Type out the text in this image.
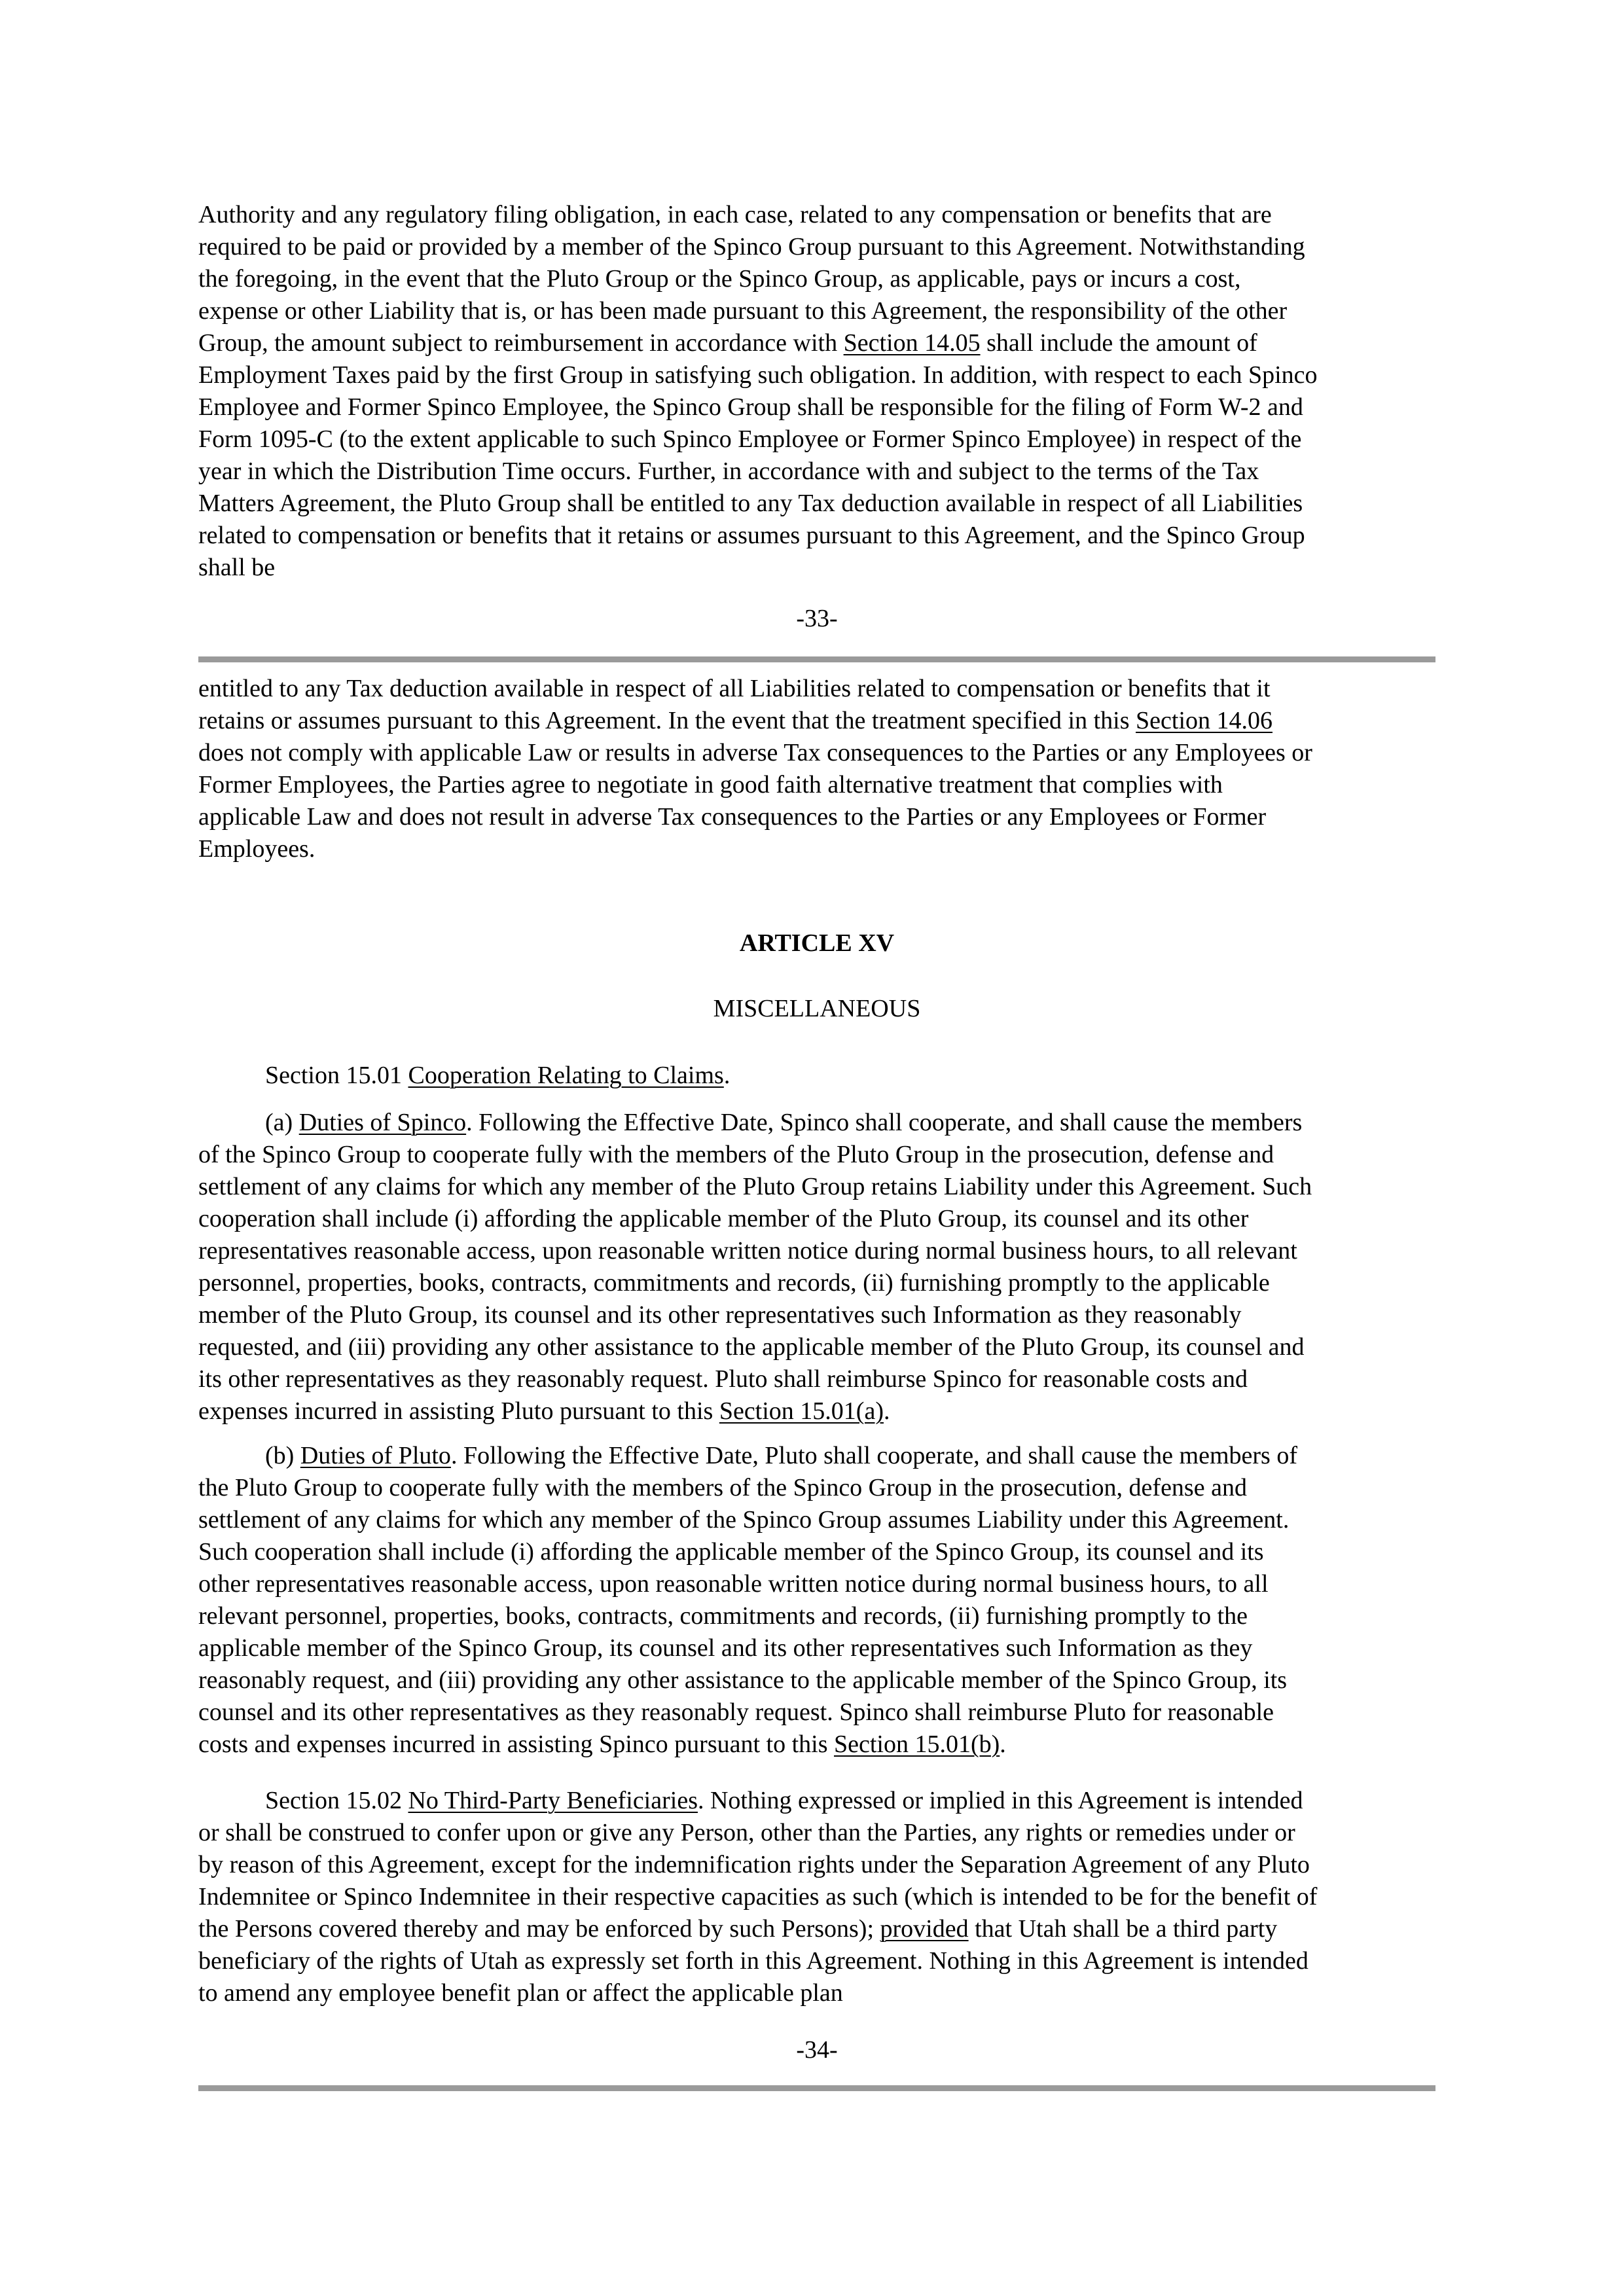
Authority and any regulatory filing obligation, in each case, related to any compensation or benefits that are
required to be paid or provided by a member of the Spinco Group pursuant to this Agreement. Notwithstanding
the foregoing, in the event that the Pluto Group or the Spinco Group, as applicable, pays or incurs a cost,
expense or other Liability that is, or has been made pursuant to this Agreement, the responsibility of the other
Group, the amount subject to reimbursement in accordance with Section 14.05 shall include the amount of
Employment Taxes paid by the first Group in satisfying such obligation. In addition, with respect to each Spinco
Employee and Former Spinco Employee, the Spinco Group shall be responsible for the filing of Form W-2 and
Form 1095-C (to the extent applicable to such Spinco Employee or Former Spinco Employee) in respect of the
year in which the Distribution Time occurs. Further, in accordance with and subject to the terms of the Tax
Matters Agreement, the Pluto Group shall be entitled to any Tax deduction available in respect of all Liabilities
related to compensation or benefits that it retains or assumes pursuant to this Agreement, and the Spinco Group
shall be
-33-
entitled to any Tax deduction available in respect of all Liabilities related to compensation or benefits that it
retains or assumes pursuant to this Agreement. In the event that the treatment specified in this Section 14.06
does not comply with applicable Law or results in adverse Tax consequences to the Parties or any Employees or
Former Employees, the Parties agree to negotiate in good faith alternative treatment that complies with
applicable Law and does not result in adverse Tax consequences to the Parties or any Employees or Former
Employees.
ARTICLE XV
MISCELLANEOUS
Section 15.01 Cooperation Relating to Claims.
(a) Duties of Spinco. Following the Effective Date, Spinco shall cooperate, and shall cause the members
of the Spinco Group to cooperate fully with the members of the Pluto Group in the prosecution, defense and
settlement of any claims for which any member of the Pluto Group retains Liability under this Agreement. Such
cooperation shall include (i) affording the applicable member of the Pluto Group, its counsel and its other
representatives reasonable access, upon reasonable written notice during normal business hours, to all relevant
personnel, properties, books, contracts, commitments and records, (ii) furnishing promptly to the applicable
member of the Pluto Group, its counsel and its other representatives such Information as they reasonably
requested, and (iii) providing any other assistance to the applicable member of the Pluto Group, its counsel and
its other representatives as they reasonably request. Pluto shall reimburse Spinco for reasonable costs and
expenses incurred in assisting Pluto pursuant to this Section 15.01(a).
(b) Duties of Pluto. Following the Effective Date, Pluto shall cooperate, and shall cause the members of
the Pluto Group to cooperate fully with the members of the Spinco Group in the prosecution, defense and
settlement of any claims for which any member of the Spinco Group assumes Liability under this Agreement.
Such cooperation shall include (i) affording the applicable member of the Spinco Group, its counsel and its
other representatives reasonable access, upon reasonable written notice during normal business hours, to all
relevant personnel, properties, books, contracts, commitments and records, (ii) furnishing promptly to the
applicable member of the Spinco Group, its counsel and its other representatives such Information as they
reasonably request, and (iii) providing any other assistance to the applicable member of the Spinco Group, its
counsel and its other representatives as they reasonably request. Spinco shall reimburse Pluto for reasonable
costs and expenses incurred in assisting Spinco pursuant to this Section 15.01(b).
Section 15.02 No Third-Party Beneficiaries. Nothing expressed or implied in this Agreement is intended
or shall be construed to confer upon or give any Person, other than the Parties, any rights or remedies under or
by reason of this Agreement, except for the indemnification rights under the Separation Agreement of any Pluto
Indemnitee or Spinco Indemnitee in their respective capacities as such (which is intended to be for the benefit of
the Persons covered thereby and may be enforced by such Persons); provided that Utah shall be a third party
beneficiary of the rights of Utah as expressly set forth in this Agreement. Nothing in this Agreement is intended
to amend any employee benefit plan or affect the applicable plan
-34-
